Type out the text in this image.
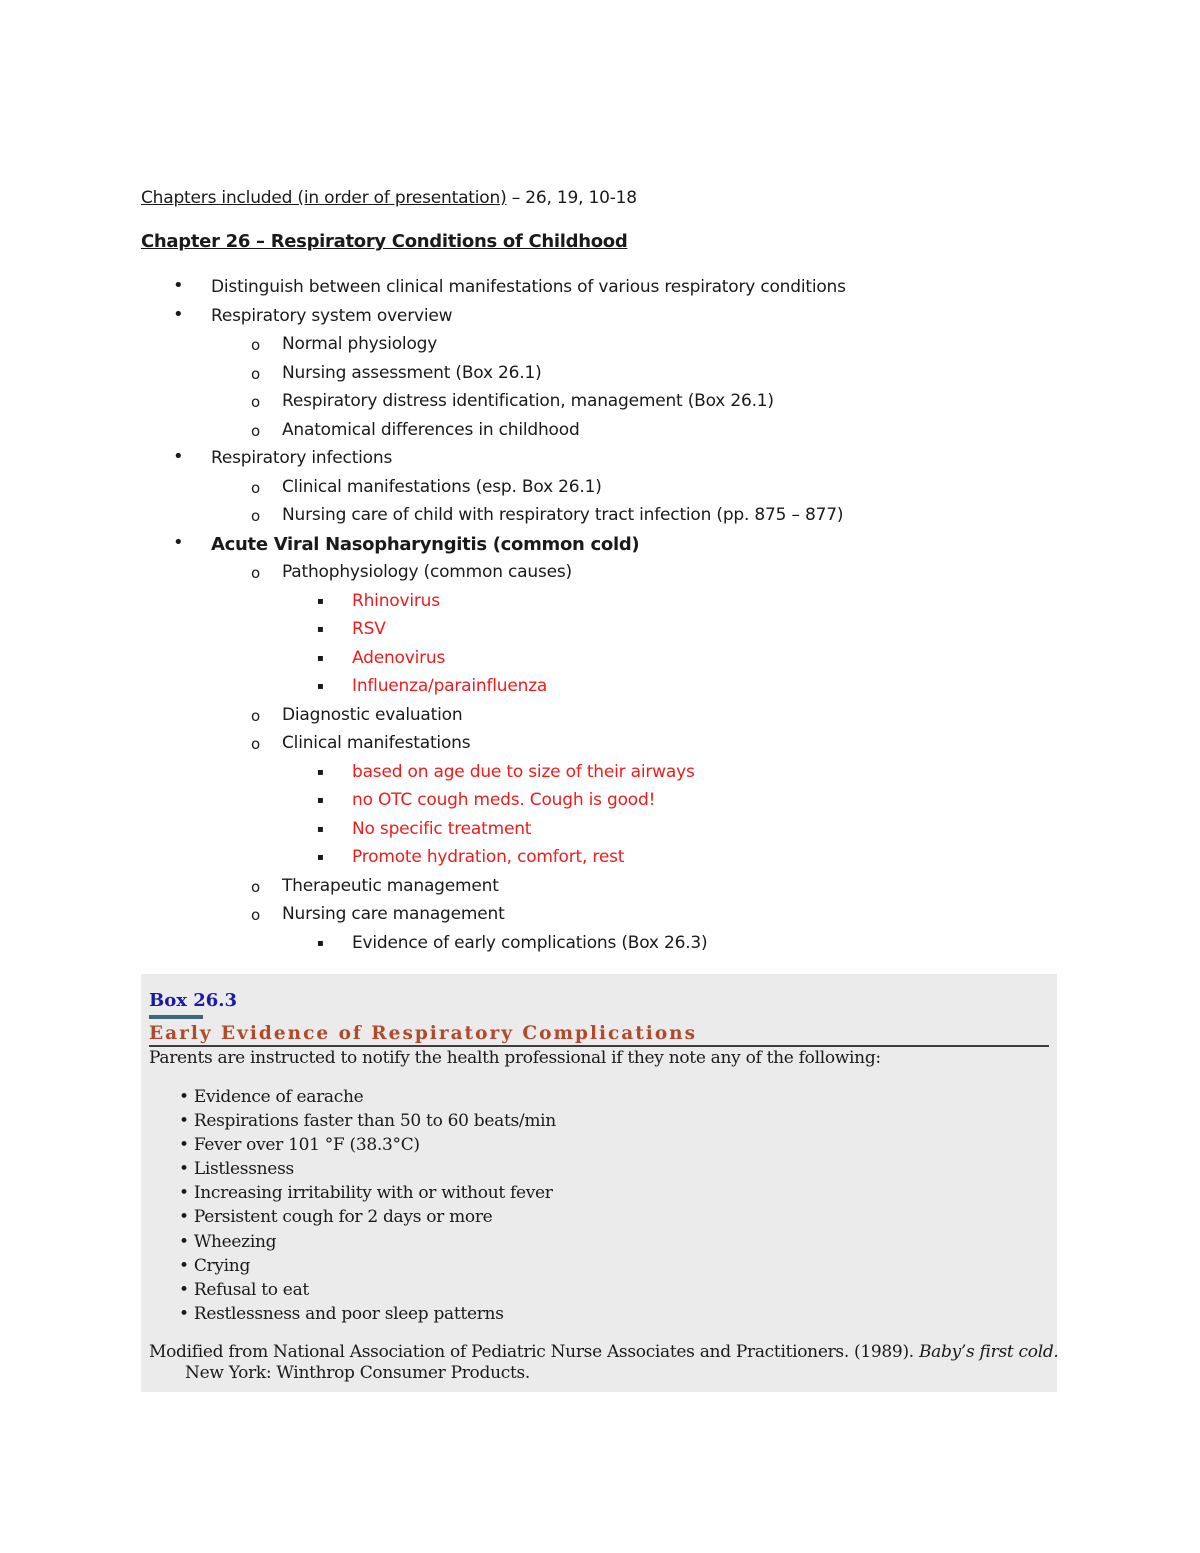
Chapters included (in order of presentation) – 26, 19, 10-18
Chapter 26 – Respiratory Conditions of Childhood
• Distinguish between clinical manifestations of various respiratory conditions
• Respiratory system overview
o Normal physiology
o Nursing assessment (Box 26.1)
o Respiratory distress identification, management (Box 26.1)
o Anatomical differences in childhood
• Respiratory infections
o Clinical manifestations (esp. Box 26.1)
o Nursing care of child with respiratory tract infection (pp. 875 – 877)
• Acute Viral Nasopharyngitis (common cold)
o Pathophysiology (common causes)
▪ Rhinovirus
▪ RSV
▪ Adenovirus
▪ Influenza/parainfluenza
o Diagnostic evaluation
o Clinical manifestations
▪ based on age due to size of their airways
▪ no OTC cough meds. Cough is good!
▪ No specific treatment
▪ Promote hydration, comfort, rest
o Therapeutic management
o Nursing care management
▪ Evidence of early complications (Box 26.3)
Box 26.3
Early Evidence of Respiratory Complications
Parents are instructed to notify the health professional if they note any of the following:
• Evidence of earache
• Respirations faster than 50 to 60 beats/min
• Fever over 101 °F (38.3°C)
• Listlessness
• Increasing irritability with or without fever
• Persistent cough for 2 days or more
• Wheezing
• Crying
• Refusal to eat
• Restlessness and poor sleep patterns
Modified from National Association of Pediatric Nurse Associates and Practitioners. (1989). Baby’s first cold.
New York: Winthrop Consumer Products.
